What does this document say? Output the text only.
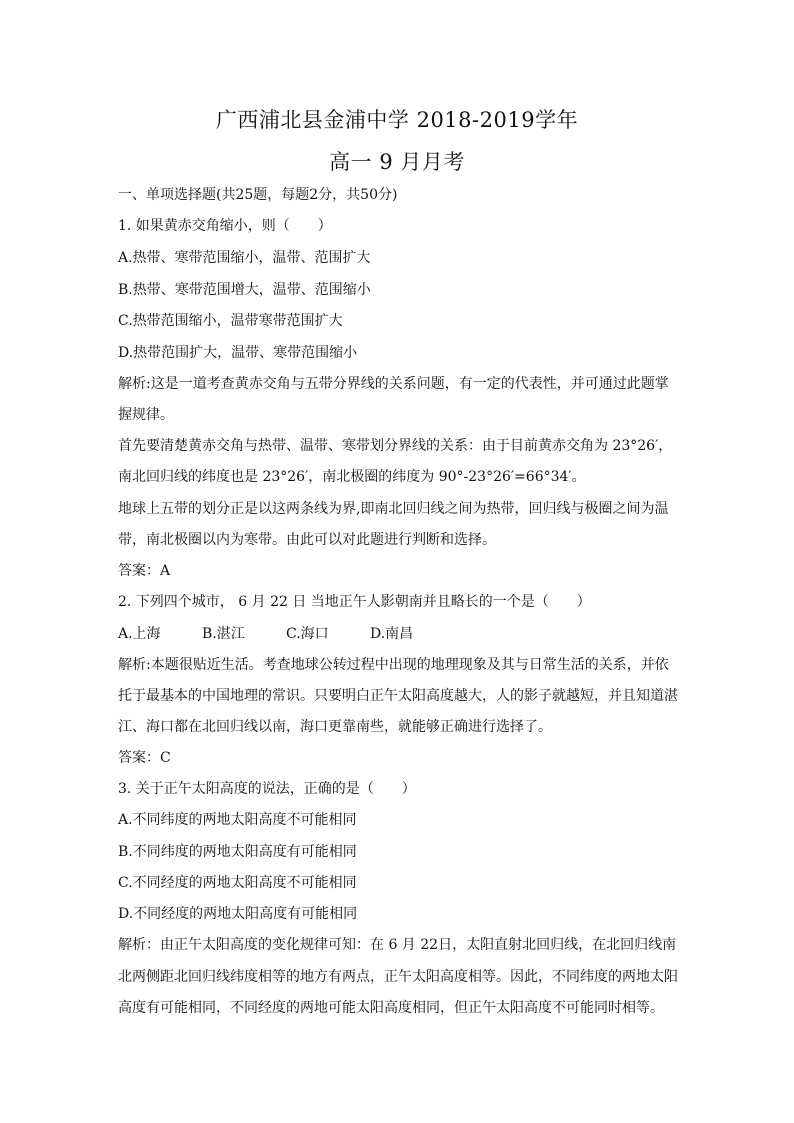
广西浦北县金浦中学 2018-2019学年
高一 9 月月考
一、单项选择题(共25题，每题2分，共50分)
1. 如果黄赤交角缩小，则（　　）
A.热带、寒带范围缩小，温带、范围扩大
B.热带、寒带范围增大，温带、范围缩小
C.热带范围缩小，温带寒带范围扩大
D.热带范围扩大，温带、寒带范围缩小
解析:这是一道考查黄赤交角与五带分界线的关系问题，有一定的代表性，并可通过此题掌
握规律。
首先要清楚黄赤交角与热带、温带、寒带划分界线的关系：由于目前黄赤交角为 23°26′，
南北回归线的纬度也是 23°26′，南北极圈的纬度为 90°-23°26′=66°34′。
地球上五带的划分正是以这两条线为界,即南北回归线之间为热带，回归线与极圈之间为温
带，南北极圈以内为寒带。由此可以对此题进行判断和选择。
答案：A
2. 下列四个城市， 6 月 22 日 当地正午人影朝南并且略长的一个是（　　）
A.上海	B.湛江	C.海口	D.南昌
解析:本题很贴近生活。考查地球公转过程中出现的地理现象及其与日常生活的关系，并依
托于最基本的中国地理的常识。只要明白正午太阳高度越大，人的影子就越短，并且知道湛
江、海口都在北回归线以南，海口更靠南些，就能够正确进行选择了。
答案：C
3. 关于正午太阳高度的说法，正确的是（　　）
A.不同纬度的两地太阳高度不可能相同
B.不同纬度的两地太阳高度有可能相同
C.不同经度的两地太阳高度不可能相同
D.不同经度的两地太阳高度有可能相同
解析：由正午太阳高度的变化规律可知：在 6 月 22日，太阳直射北回归线，在北回归线南
北两侧距北回归线纬度相等的地方有两点，正午太阳高度相等。因此，不同纬度的两地太阳
高度有可能相同，不同经度的两地可能太阳高度相同，但正午太阳高度不可能同时相等。
